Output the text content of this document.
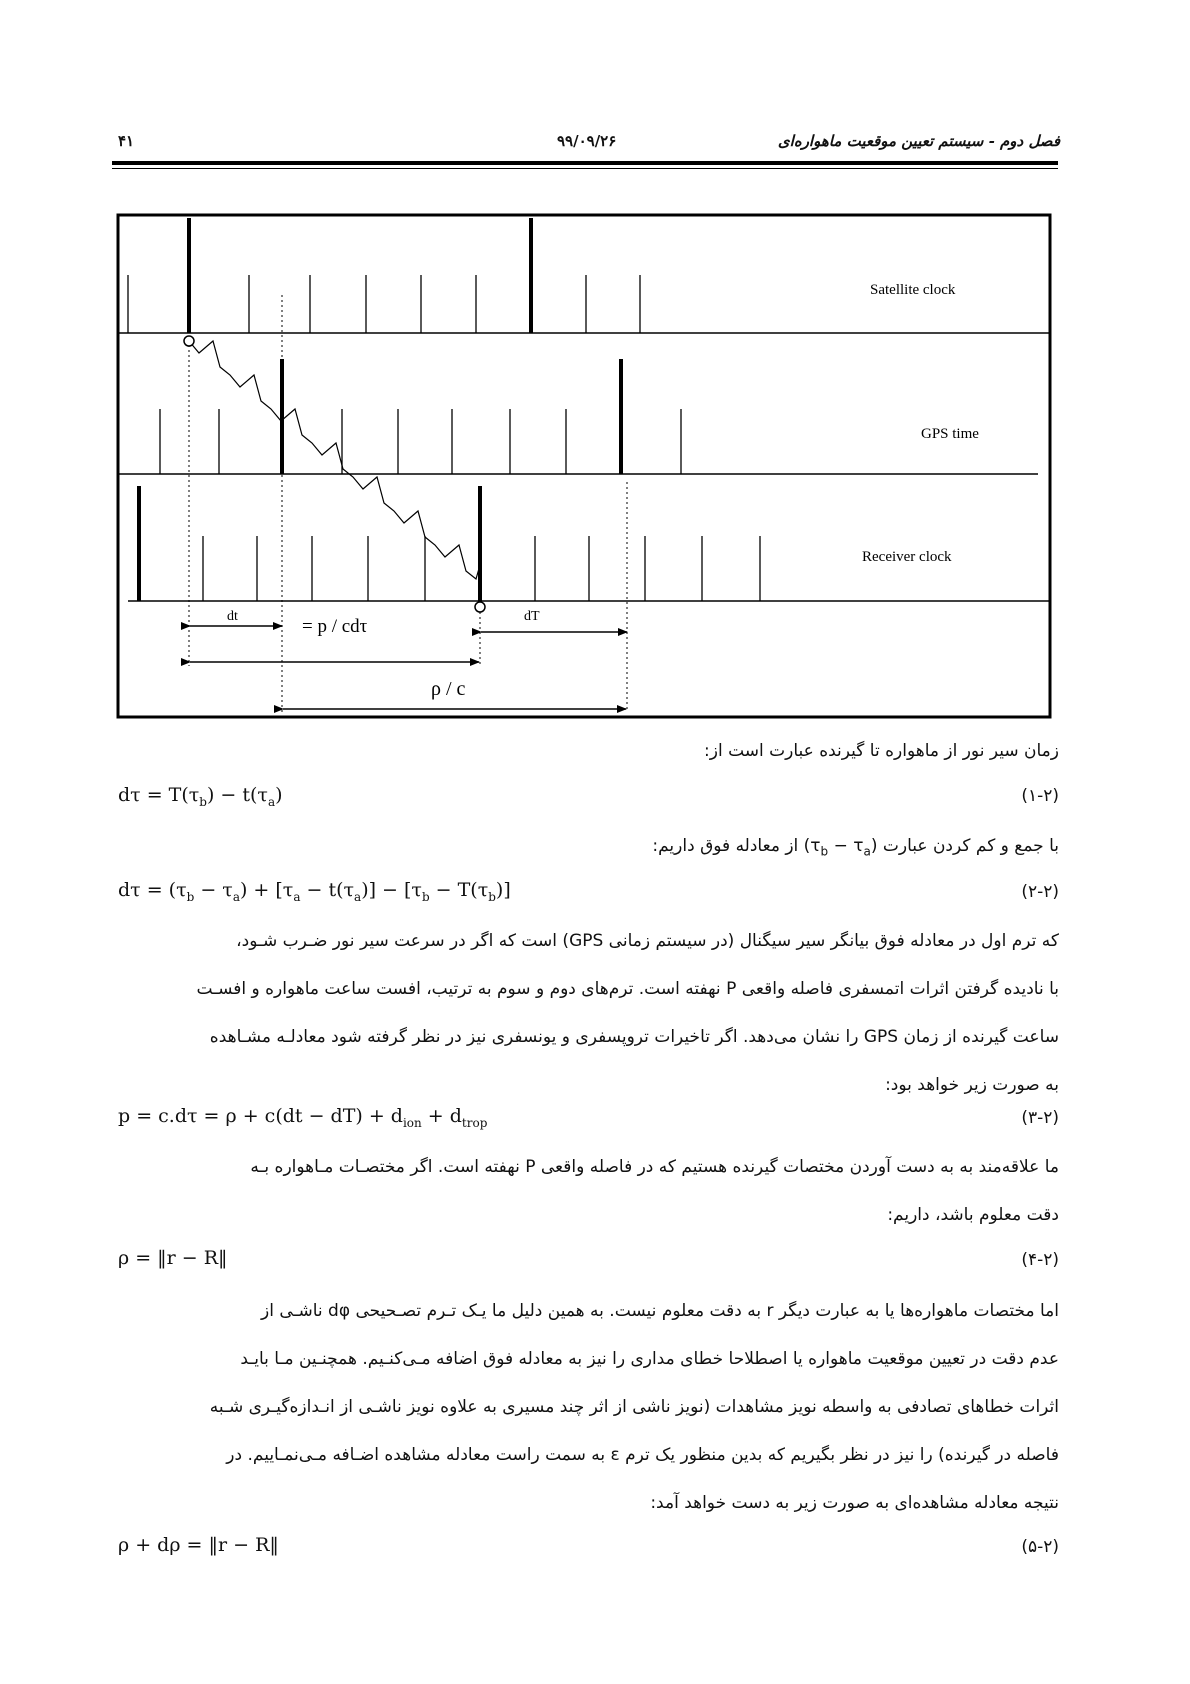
۴۱	۹۹/۰۹/۲۶	فصل دوم - سیستم تعیین موقعیت ماهواره‌ای
Satellite clock
GPS time
Receiver clock
dt	= p / cdτ	dT
ρ / c
زمان سیر نور از ماهواره تا گیرنده عبارت است از:
$d\tau = T(\tau_b) - t(\tau_a)$	(۱-۲)
با جمع و کم کردن عبارت $(\tau_b - \tau_a)$ از معادله فوق داریم:
$d\tau = (\tau_b - \tau_a) + [\tau_a - t(\tau_a)] - [\tau_b - T(\tau_b)]$	(۲-۲)
که ترم اول در معادله فوق بیانگر سیر سیگنال (در سیستم زمانی GPS) است که اگر در سرعت سیر نور ضـرب شـود،
با نادیده گرفتن اثرات اتمسفری فاصله واقعی P نهفته است. ترم‌های دوم و سوم به ترتیب، افست ساعت ماهواره و افسـت
ساعت گیرنده از زمان GPS را نشان می‌دهد. اگر تاخیرات تروپسفری و یونسفری نیز در نظر گرفته شود معادلـه مشـاهده
به صورت زیر خواهد بود:
$p = c.d\tau = \rho + c(dt - dT) + d_{ion} + d_{trop}$	(۳-۲)
ما علاقه‌مند به به دست آوردن مختصات گیرنده هستیم که در فاصله واقعی P نهفته است. اگر مختصـات مـاهواره بـه
دقت معلوم باشد، داریم:
ρ = ‖r − R‖	(۴-۲)
اما مختصات ماهواره‌ها یا به عبارت دیگر r به دقت معلوم نیست. به همین دلیل ما یـک تـرم تصـحیحی dφ ناشـی از
عدم دقت در تعیین موقعیت ماهواره یا اصطلاحا خطای مداری را نیز به معادله فوق اضافه مـی‌کنـیم. همچنـین مـا بایـد
اثرات خطاهای تصادفی به واسطه نویز مشاهدات (نویز ناشی از اثر چند مسیری به علاوه نویز ناشـی از انـدازه‌گیـری شـبه
فاصله در گیرنده) را نیز در نظر بگیریم که بدین منظور یک ترم ε به سمت راست معادله مشاهده اضـافه مـی‌نمـاییم. در
نتیجه معادله مشاهده‌ای به صورت زیر به دست خواهد آمد:
ρ + dρ = ‖r − R‖	(۵-۲)
